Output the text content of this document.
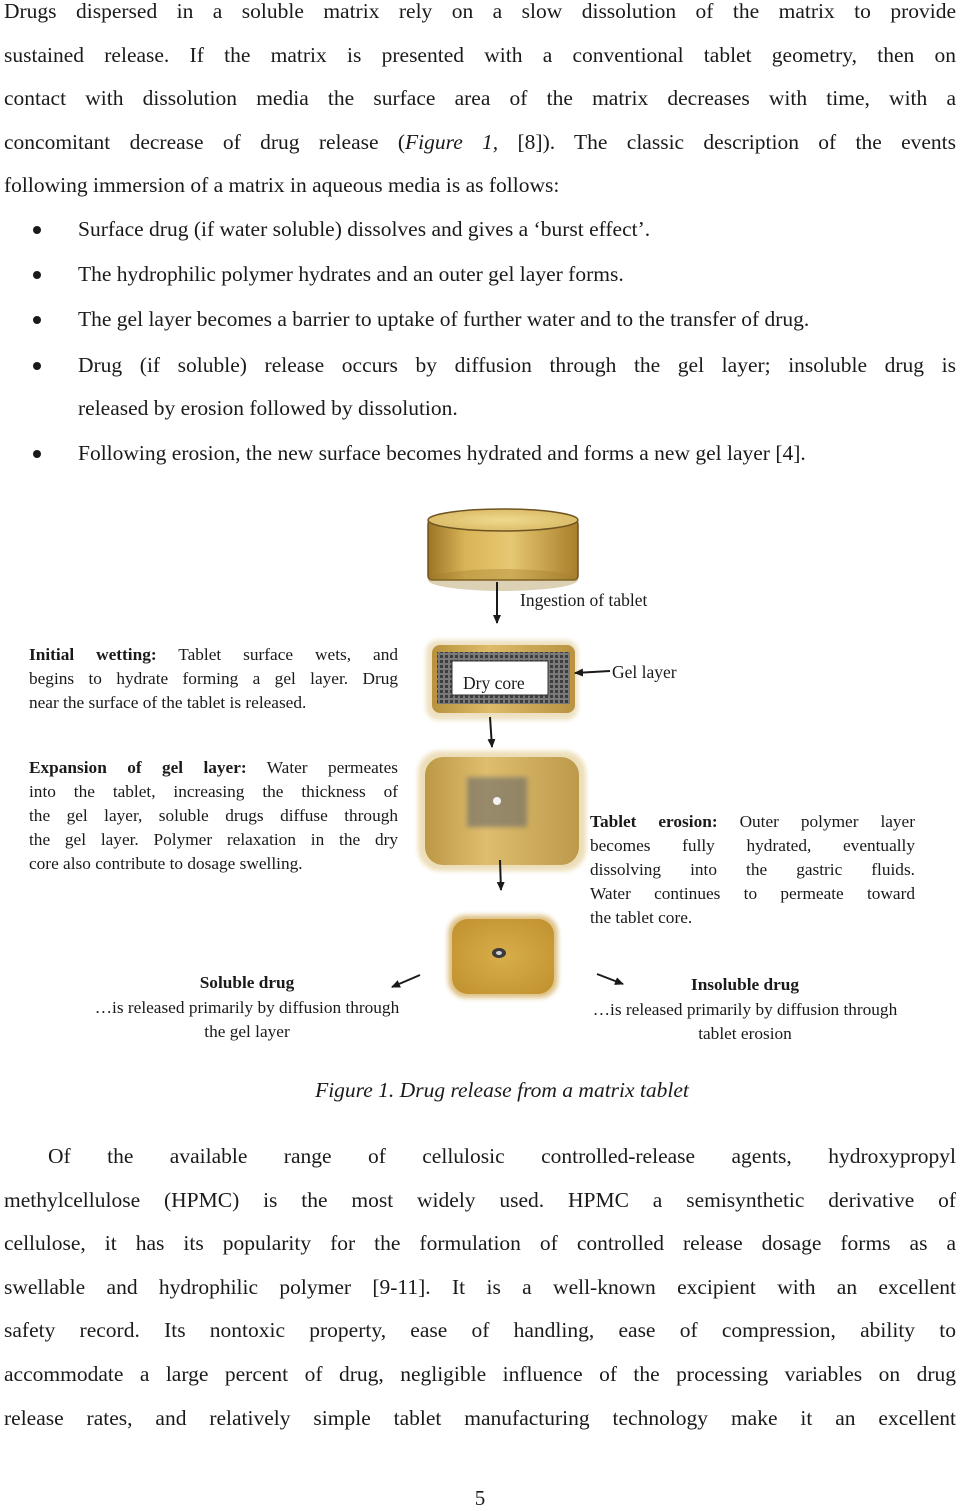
Drugs dispersed in a soluble matrix rely on a slow dissolution of the matrix to provide
sustained release. If the matrix is presented with a conventional tablet geometry, then on
contact with dissolution media the surface area of the matrix decreases with time, with a
concomitant decrease of drug release (Figure 1, [8]). The classic description of the events
following immersion of a matrix in aqueous media is as follows:
Surface drug (if water soluble) dissolves and gives a ‘burst effect’.
The hydrophilic polymer hydrates and an outer gel layer forms.
The gel layer becomes a barrier to uptake of further water and to the transfer of drug.
Drug (if soluble) release occurs by diffusion through the gel layer; insoluble drug is
released by erosion followed by dissolution.
Following erosion, the new surface becomes hydrated and forms a new gel layer [4].
Ingestion of tablet
Dry core
Gel layer
Initial wetting: Tablet surface wets, and
begins to hydrate forming a gel layer. Drug
near the surface of the tablet is released.
Expansion of gel layer: Water permeates
into the tablet, increasing the thickness of
the gel layer, soluble drugs diffuse through
the gel layer. Polymer relaxation in the dry
core also contribute to dosage swelling.
Tablet erosion: Outer polymer layer
becomes fully hydrated, eventually
dissolving into the gastric fluids.
Water continues to permeate toward
the tablet core.
Soluble drug
…is released primarily by diffusion through
the gel layer
Insoluble drug
…is released primarily by diffusion through
tablet erosion
Figure 1. Drug release from a matrix tablet
Of the available range of cellulosic controlled-release agents, hydroxypropyl
methylcellulose (HPMC) is the most widely used. HPMC a semisynthetic derivative of
cellulose, it has its popularity for the formulation of controlled release dosage forms as a
swellable and hydrophilic polymer [9-11]. It is a well-known excipient with an excellent
safety record. Its nontoxic property, ease of handling, ease of compression, ability to
accommodate a large percent of drug, negligible influence of the processing variables on drug
release rates, and relatively simple tablet manufacturing technology make it an excellent
5
